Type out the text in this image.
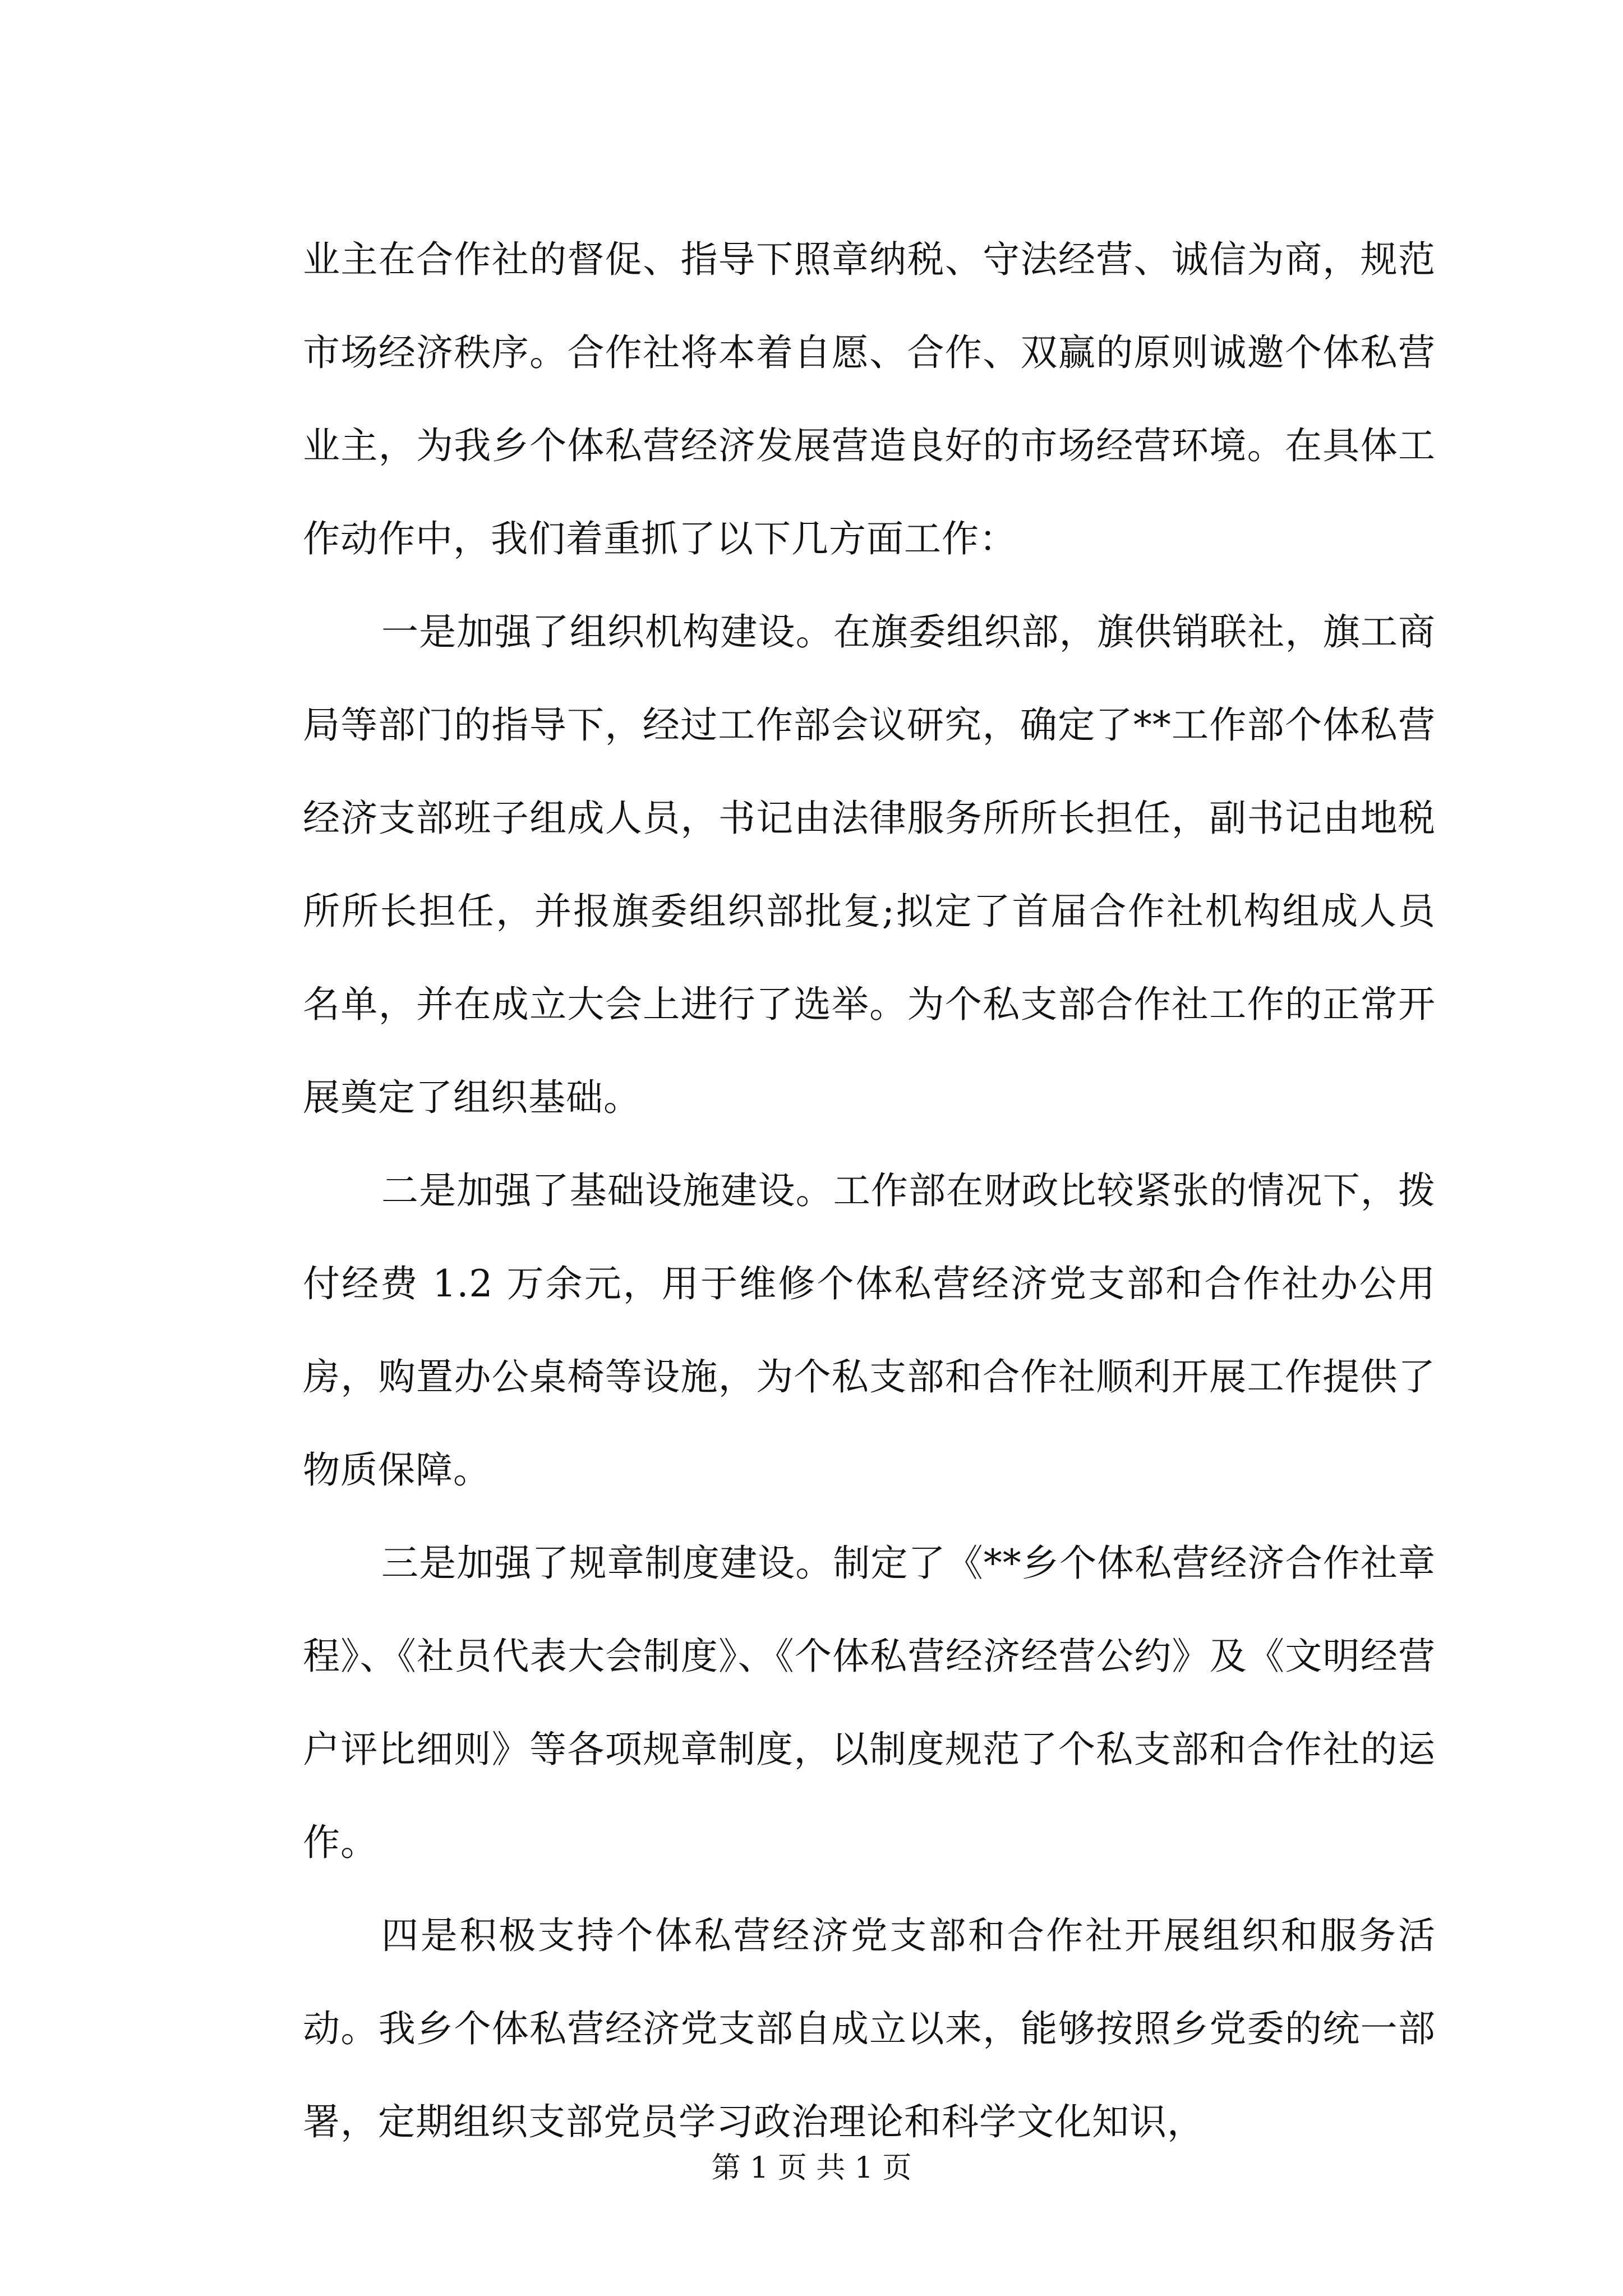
业主在合作社的督促、指导下照章纳税、守法经营、诚信为商，规范市场经济秩序。合作社将本着自愿、合作、双赢的原则诚邀个体私营业主，为我乡个体私营经济发展营造良好的市场经营环境。在具体工作动作中，我们着重抓了以下几方面工作：

一是加强了组织机构建设。在旗委组织部，旗供销联社，旗工商局等部门的指导下，经过工作部会议研究，确定了**工作部个体私营经济支部班子组成人员，书记由法律服务所所长担任，副书记由地税所所长担任，并报旗委组织部批复;拟定了首届合作社机构组成人员名单，并在成立大会上进行了选举。为个私支部合作社工作的正常开展奠定了组织基础。

二是加强了基础设施建设。工作部在财政比较紧张的情况下，拨付经费 1.2 万余元，用于维修个体私营经济党支部和合作社办公用房，购置办公桌椅等设施，为个私支部和合作社顺利开展工作提供了物质保障。

三是加强了规章制度建设。制定了《**乡个体私营经济合作社章程》、《社员代表大会制度》、《个体私营经济经营公约》及《文明经营户评比细则》等各项规章制度，以制度规范了个私支部和合作社的运作。

四是积极支持个体私营经济党支部和合作社开展组织和服务活动。我乡个体私营经济党支部自成立以来，能够按照乡党委的统一部署，定期组织支部党员学习政治理论和科学文化知识，

第 1 页 共 1 页
